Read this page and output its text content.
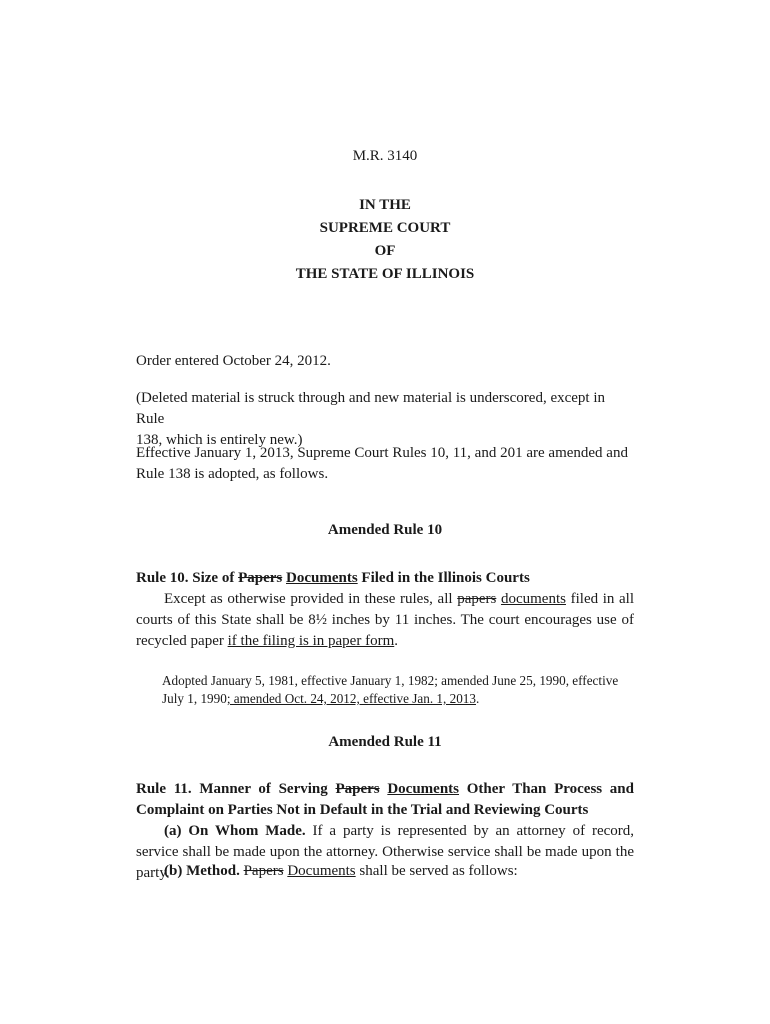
M.R. 3140
IN THE
SUPREME COURT
OF
THE STATE OF ILLINOIS
Order entered October 24, 2012.
(Deleted material is struck through and new material is underscored, except in Rule
138, which is entirely new.)
Effective January 1, 2013, Supreme Court Rules 10, 11, and 201 are amended and
Rule 138 is adopted, as follows.
Amended Rule 10
Rule 10. Size of Papers Documents Filed in the Illinois Courts

Except as otherwise provided in these rules, all papers documents filed in all courts of this State shall be 8½ inches by 11 inches. The court encourages use of recycled paper if the filing is in paper form.

Adopted January 5, 1981, effective January 1, 1982; amended June 25, 1990, effective
July 1, 1990; amended Oct. 24, 2012, effective Jan. 1, 2013.
Amended Rule 11

Rule 11. Manner of Serving Papers Documents Other Than Process and Complaint on Parties Not in Default in the Trial and Reviewing Courts

(a) On Whom Made. If a party is represented by an attorney of record, service shall be made upon the attorney. Otherwise service shall be made upon the party.

(b) Method. Papers Documents shall be served as follows:
